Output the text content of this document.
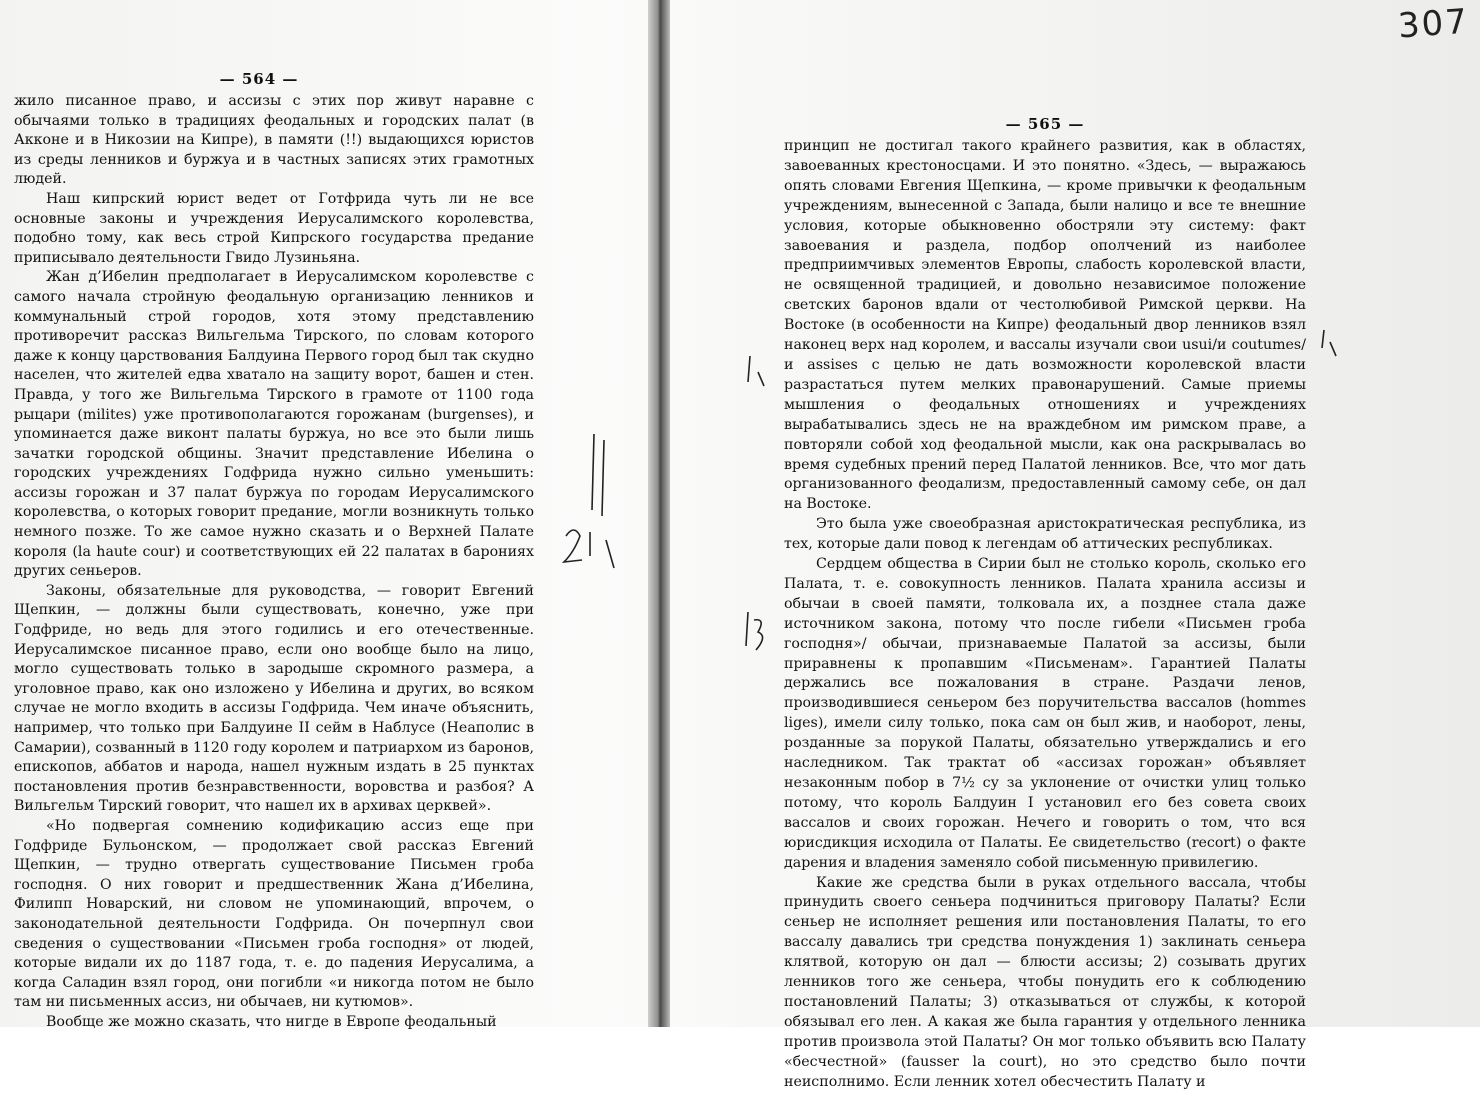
307
— 564 —

жило писанное право, и ассизы с этих пор живут наравне с обычаями только в традициях феодальных и городских палат (в Акконе и в Никозии на Кипре), в памяти (!!) выдающихся юристов из среды ленников и буржуа и в частных записях этих грамотных людей.

Наш кипрский юрист ведет от Готфрида чуть ли не все основные законы и учреждения Иерусалимского королевства, подобно тому, как весь строй Кипрского государства предание приписывало деятельности Гвидо Лузиньяна.

Жан д’Ибелин предполагает в Иерусалимском королевстве с самого начала стройную феодальную организацию ленников и коммунальный строй городов, хотя этому представлению противоречит рассказ Вильгельма Тирского, по словам которого даже к концу царствования Балдуина Первого город был так скудно населен, что жителей едва хватало на защиту ворот, башен и стен. Правда, у того же Вильгельма Тирского в грамоте от 1100 года рыцари (milites) уже противополагаются горожанам (burgenses), и упоминается даже виконт палаты буржуа, но все это были лишь зачатки городской общины. Значит представление Ибелина о городских учреждениях Годфрида нужно сильно уменьшить: ассизы горожан и 37 палат буржуа по городам Иерусалимского королевства, о которых говорит предание, могли возникнуть только немного позже. То же самое нужно сказать и о Верхней Палате короля (la haute cour) и соответствующих ей 22 палатах в барониях других сеньеров.

Законы, обязательные для руководства, — говорит Евгений Щепкин, — должны были существовать, конечно, уже при Годфриде, но ведь для этого годились и его отечественные. Иерусалимское писанное право, если оно вообще было на лицо, могло существовать только в зародыше скромного размера, а уголовное право, как оно изложено у Ибелина и других, во всяком случае не могло входить в ассизы Годфрида. Чем иначе объяснить, например, что только при Балдуине II сейм в Наблусе (Неаполис в Самарии), созванный в 1120 году королем и патриархом из баронов, епископов, аббатов и народа, нашел нужным издать в 25 пунктах постановления против безнравственности, воровства и разбоя? А Вильгельм Тирский говорит, что нашел их в архивах церквей».

«Но подвергая сомнению кодификацию ассиз еще при Годфриде Бульонском, — продолжает свой рассказ Евгений Щепкин, — трудно отвергать существование Письмен гроба господня. О них говорит и предшественник Жана д’Ибелина, Филипп Новарский, ни словом не упоминающий, впрочем, о законодательной деятельности Годфрида. Он почерпнул свои сведения о существовании «Письмен гроба господня» от людей, которые видали их до 1187 года, т. е. до падения Иерусалима, а когда Саладин взял город, они погибли «и никогда потом не было там ни письменных ассиз, ни обычаев, ни кутюмов».

Вообще же можно сказать, что нигде в Европе феодальный

— 565 —

принцип не достигал такого крайнего развития, как в областях, завоеванных крестоносцами. И это понятно. «Здесь, — выражаюсь опять словами Евгения Щепкина, — кроме привычки к феодальным учреждениям, вынесенной с Запада, были налицо и все те внешние условия, которые обыкновенно обостряли эту систему: факт завоевания и раздела, подбор ополчений из наиболее предприимчивых элементов Европы, слабость королевской власти, не освященной традицией, и довольно независимое положение светских баронов вдали от честолюбивой Римской церкви. На Востоке (в особенности на Кипре) феодальный двор ленников взял наконец верх над королем, и вассалы изучали свои usui/и coutumes/и assises с целью не дать возможности королевской власти разрастаться путем мелких правонарушений. Самые приемы мышления о феодальных отношениях и учреждениях вырабатывались здесь не на враждебном им римском праве, а повторяли собой ход феодальной мысли, как она раскрывалась во время судебных прений перед Палатой ленников. Все, что мог дать организованного феодализм, предоставленный самому себе, он дал на Востоке.

Это была уже своеобразная аристократическая республика, из тех, которые дали повод к легендам об аттических республиках.

Сердцем общества в Сирии был не столько король, сколько его Палата, т. е. совокупность ленников. Палата хранила ассизы и обычаи в своей памяти, толковала их, а позднее стала даже источником закона, потому что после гибели «Письмен гроба господня»/ обычаи, признаваемые Палатой за ассизы, были приравнены к пропавшим «Письменам». Гарантией Палаты держались все пожалования в стране. Раздачи ленов, производившиеся сеньером без поручительства вассалов (hommes liges), имели силу только, пока сам он был жив, и наоборот, лены, розданные за порукой Палаты, обязательно утверждались и его наследником. Так трактат об «ассизах горожан» объявляет незаконным побор в 7½ су за уклонение от очистки улиц только потому, что король Балдуин I установил его без совета своих вассалов и своих горожан. Нечего и говорить о том, что вся юрисдикция исходила от Палаты. Ее свидетельство (recort) о факте дарения и владения заменяло собой письменную привилегию.

Какие же средства были в руках отдельного вассала, чтобы принудить своего сеньера подчиниться приговору Палаты? Если сеньер не исполняет решения или постановления Палаты, то его вассалу давались три средства понуждения 1) заклинать сеньера клятвой, которую он дал — блюсти ассизы; 2) созывать других ленников того же сеньера, чтобы понудить его к соблюдению постановлений Палаты; 3) отказываться от службы, к которой обязывал его лен. А какая же была гарантия у отдельного ленника против произвола этой Палаты? Он мог только объявить всю Палату «бесчестной» (fausser la court), но это средство было почти неисполнимо. Если ленник хотел обесчестить Палату и
